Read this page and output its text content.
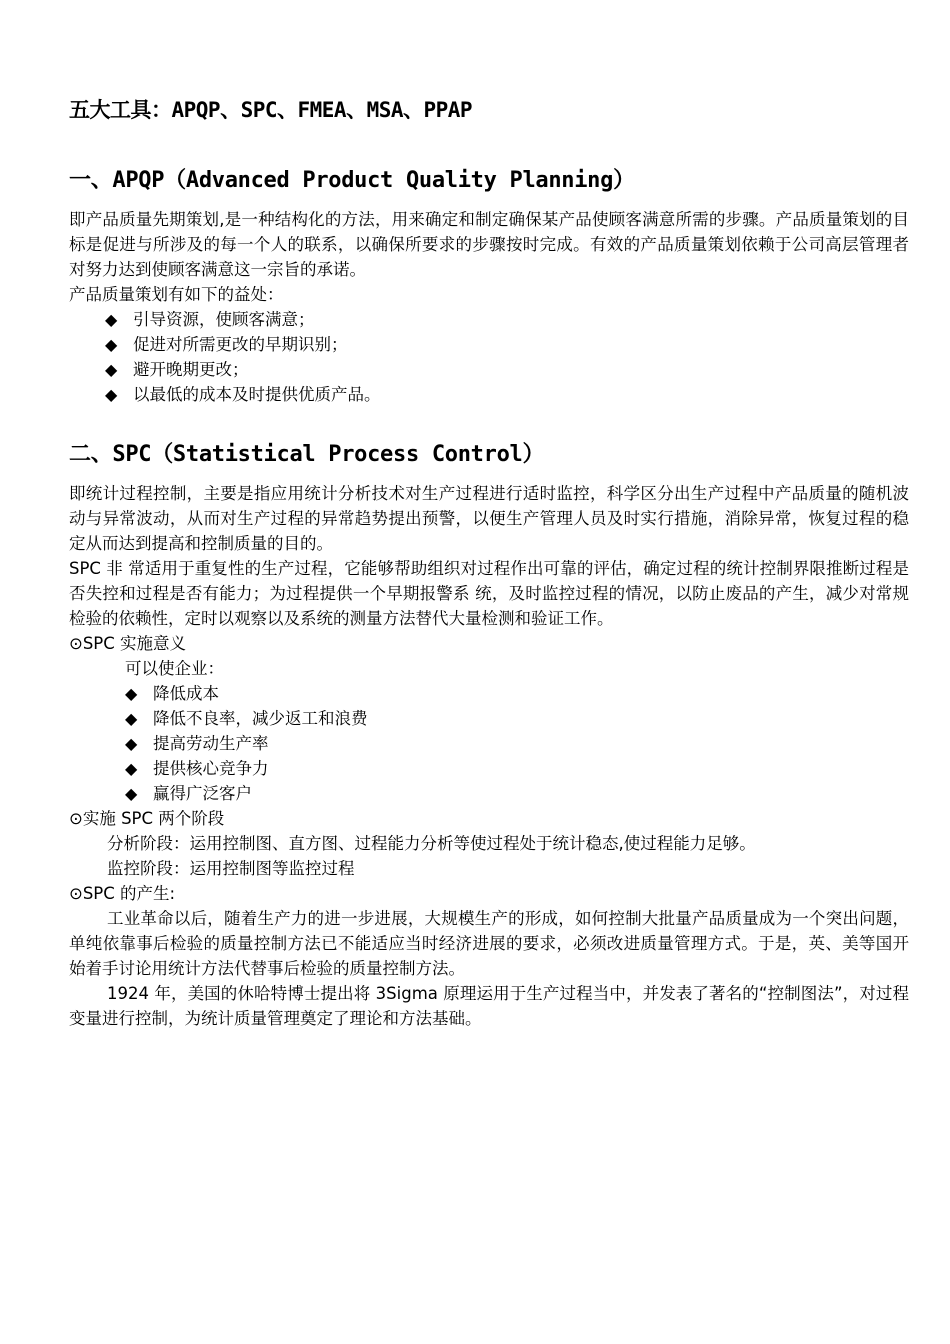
五大工具：APQP、SPC、FMEA、MSA、PPAP
一、APQP（Advanced Product Quality Planning）

即产品质量先期策划,是一种结构化的方法，用来确定和制定确保某产品使顾客满意所需的步骤。产品质量策划的目标是促进与所涉及的每一个人的联系，以确保所要求的步骤按时完成。有效的产品质量策划依赖于公司高层管理者对努力达到使顾客满意这一宗旨的承诺。

产品质量策划有如下的益处：
◆ 引导资源，使顾客满意；
◆ 促进对所需更改的早期识别；
◆ 避开晚期更改；
◆ 以最低的成本及时提供优质产品。
二、SPC（Statistical Process Control）

即统计过程控制，主要是指应用统计分析技术对生产过程进行适时监控，科学区分出生产过程中产品质量的随机波动与异常波动，从而对生产过程的异常趋势提出预警，以便生产管理人员及时实行措施，消除异常，恢复过程的稳定从而达到提高和控制质量的目的。

SPC 非 常适用于重复性的生产过程，它能够帮助组织对过程作出可靠的评估，确定过程的统计控制界限推断过程是否失控和过程是否有能力；为过程提供一个早期报警系 统，及时监控过程的情况，以防止废品的产生，减少对常规检验的依赖性，定时以观察以及系统的测量方法替代大量检测和验证工作。

⊙SPC 实施意义
可以使企业：
◆ 降低成本
◆ 降低不良率，减少返工和浪费
◆ 提高劳动生产率
◆ 提供核心竞争力
◆ 赢得广泛客户
⊙实施 SPC 两个阶段
分析阶段：运用控制图、直方图、过程能力分析等使过程处于统计稳态,使过程能力足够。
监控阶段：运用控制图等监控过程
⊙SPC 的产生:

工业革命以后，随着生产力的进一步进展，大规模生产的形成，如何控制大批量产品质量成为一个突出问题，单纯依靠事后检验的质量控制方法已不能适应当时经济进展的要求，必须改进质量管理方式。于是，英、美等国开始着手讨论用统计方法代替事后检验的质量控制方法。

1924 年，美国的休哈特博士提出将 3Sigma 原理运用于生产过程当中，并发表了著名的“控制图法”，对过程变量进行控制，为统计质量管理奠定了理论和方法基础。
